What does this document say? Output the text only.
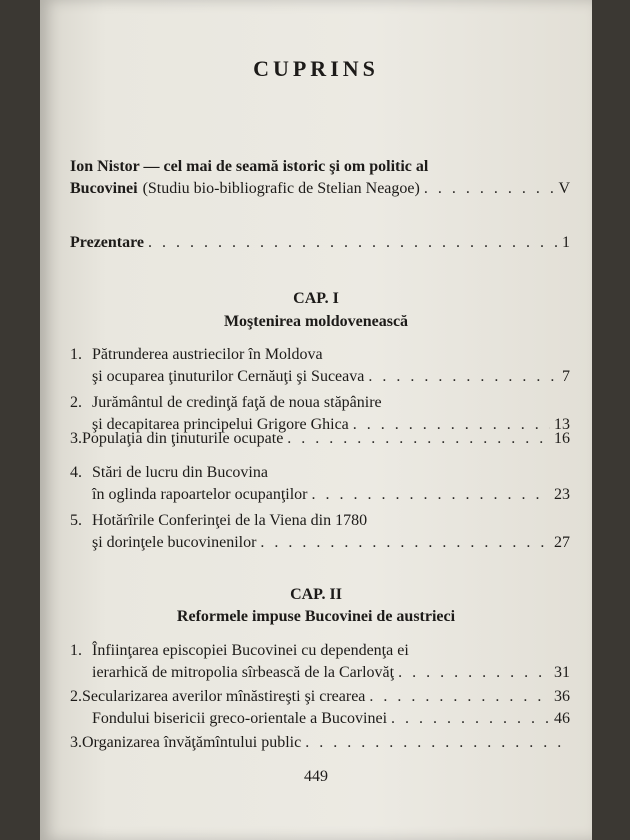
CUPRINS
Ion Nistor — cel mai de seamă istoric şi om politic al
Bucovinei (Studiu bio-bibliografic de Stelian Neagoe) . . .	V
Prezentare . . .	1
CAP. I
Moştenirea moldovenească
1. Pătrunderea austriecilor în Moldova
şi ocuparea ţinuturilor Cernăuţi şi Suceava . . .	7
2. Jurământul de credinţă faţă de noua stăpânire
şi decapitarea principelui Grigore Ghica . . .	13
3. Populaţia din ţinuturile ocupate . . .	16
4. Stări de lucru din Bucovina
în oglinda rapoartelor ocupanţilor . . .	23
5. Hotărîrile Conferinţei de la Viena din 1780
şi dorinţele bucovinenilor . . .	27
CAP. II
Reformele impuse Bucovinei de austrieci
1. Înfiinţarea episcopiei Bucovinei cu dependenţa ei
ierarhică de mitropolia sîrbească de la Carlovăţ . . .	31
2. Secularizarea averilor mînăstireşti şi crearea . . .	36
Fondului bisericii greco-orientale a Bucovinei . . .	46
3. Organizarea învăţămîntului public
. . .
449
